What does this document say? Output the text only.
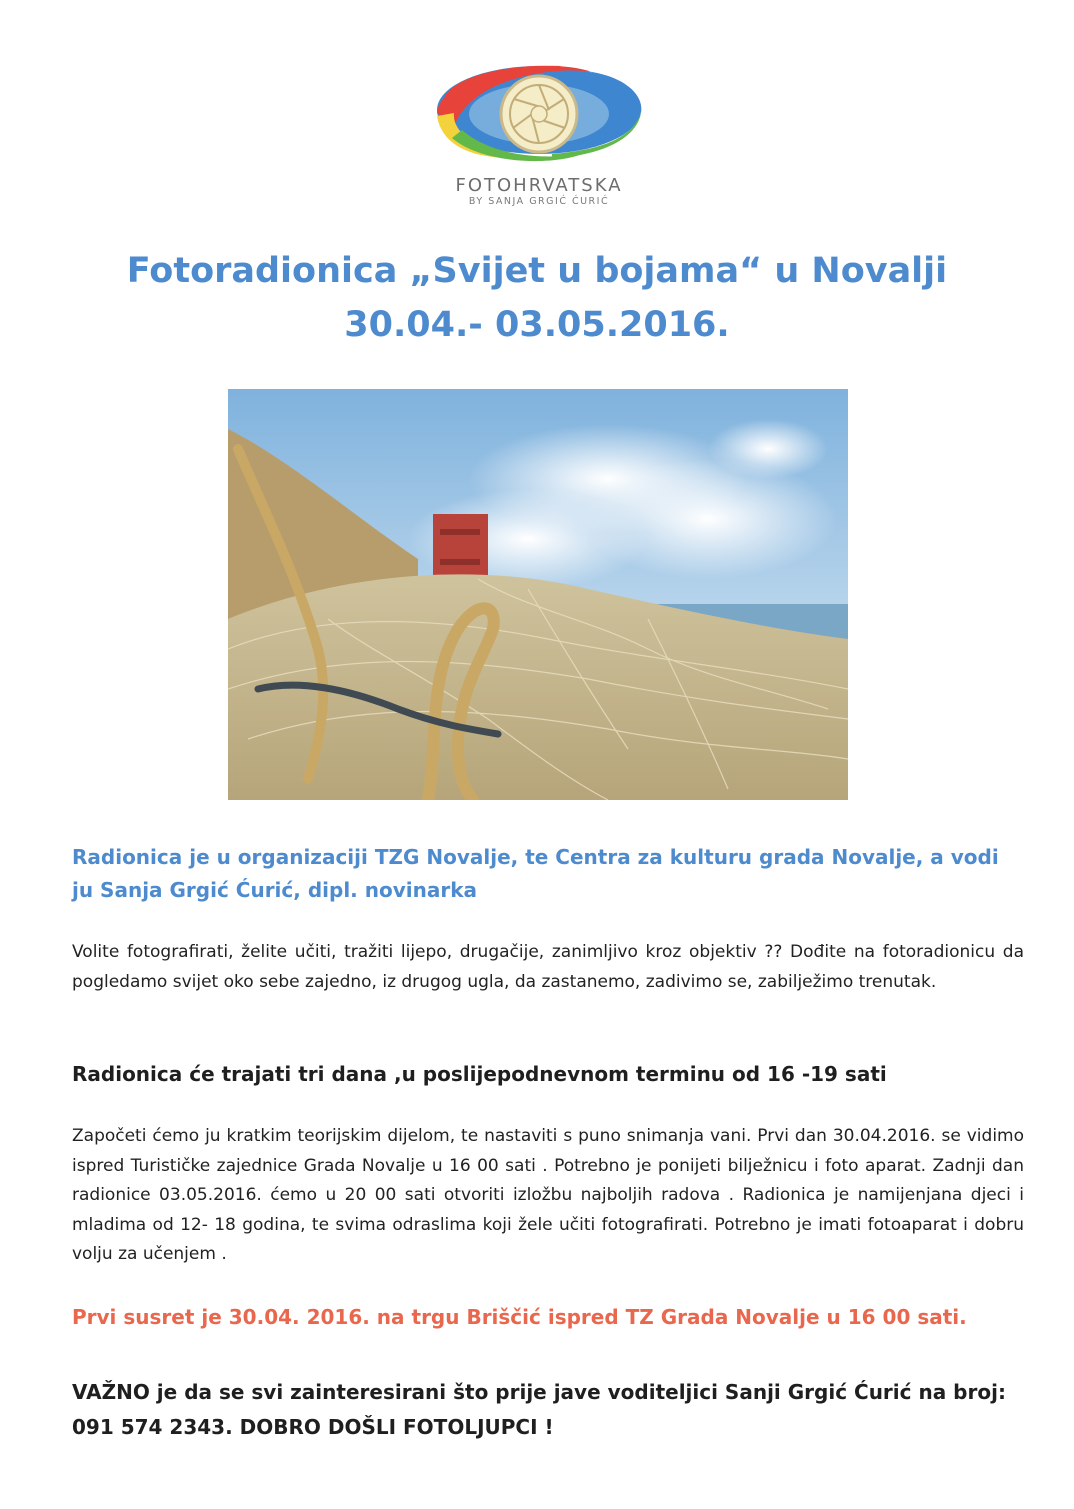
FOTOHRVATSKA
BY SANJA GRGIĆ ĆURIĆ
Fotoradionica „Svijet u bojama“ u Novalji
30.04.- 03.05.2016.

Radionica je u organizaciji TZG Novalje, te Centra za kulturu grada Novalje, a vodi ju Sanja Grgić Ćurić, dipl. novinarka

Volite fotografirati, želite učiti, tražiti lijepo, drugačije, zanimljivo kroz objektiv ?? Dođite na fotoradionicu da pogledamo svijet oko sebe zajedno, iz drugog ugla, da zastanemo, zadivimo se, zabilježimo trenutak.

Radionica će trajati tri dana ,u poslijepodnevnom terminu od 16 -19 sati

Započeti ćemo ju kratkim teorijskim dijelom, te nastaviti s puno snimanja vani. Prvi dan 30.04.2016. se vidimo ispred Turističke zajednice Grada Novalje u 16 00 sati . Potrebno je ponijeti bilježnicu i foto aparat. Zadnji dan radionice 03.05.2016. ćemo u 20 00 sati otvoriti izložbu najboljih radova . Radionica je namijenjana djeci i mladima od 12- 18 godina, te svima odraslima koji žele učiti fotografirati. Potrebno je imati fotoaparat i dobru volju za učenjem .

Prvi susret je 30.04. 2016. na trgu Briščić ispred TZ Grada Novalje u 16 00 sati.

VAŽNO je da se svi zainteresirani što prije jave voditeljici Sanji Grgić Ćurić na broj: 091 574 2343. DOBRO DOŠLI FOTOLJUPCI !
